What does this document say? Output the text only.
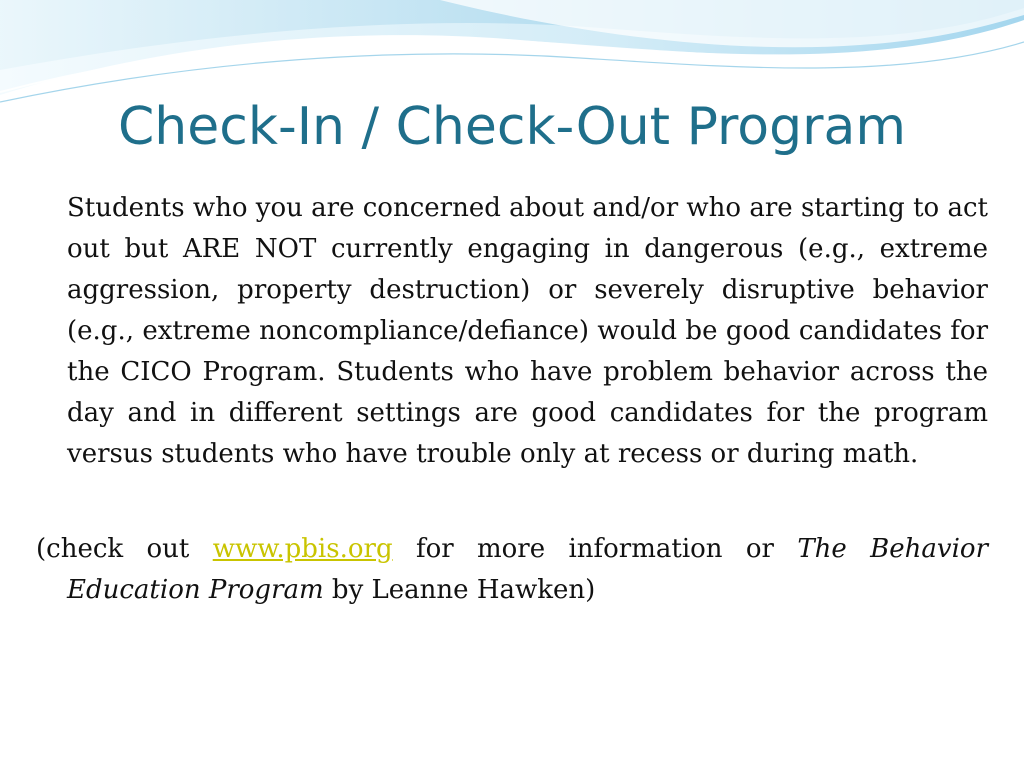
Check-In / Check-Out Program

Students who you are concerned about and/or who are starting to act out but ARE NOT currently engaging in dangerous (e.g., extreme aggression, property destruction) or severely disruptive behavior (e.g., extreme noncompliance/defiance) would be good candidates for the CICO Program. Students who have problem behavior across the day and in different settings are good candidates for the program versus students who have trouble only at recess or during math.

(check out www.pbis.org for more information or The Behavior Education Program by Leanne Hawken)
